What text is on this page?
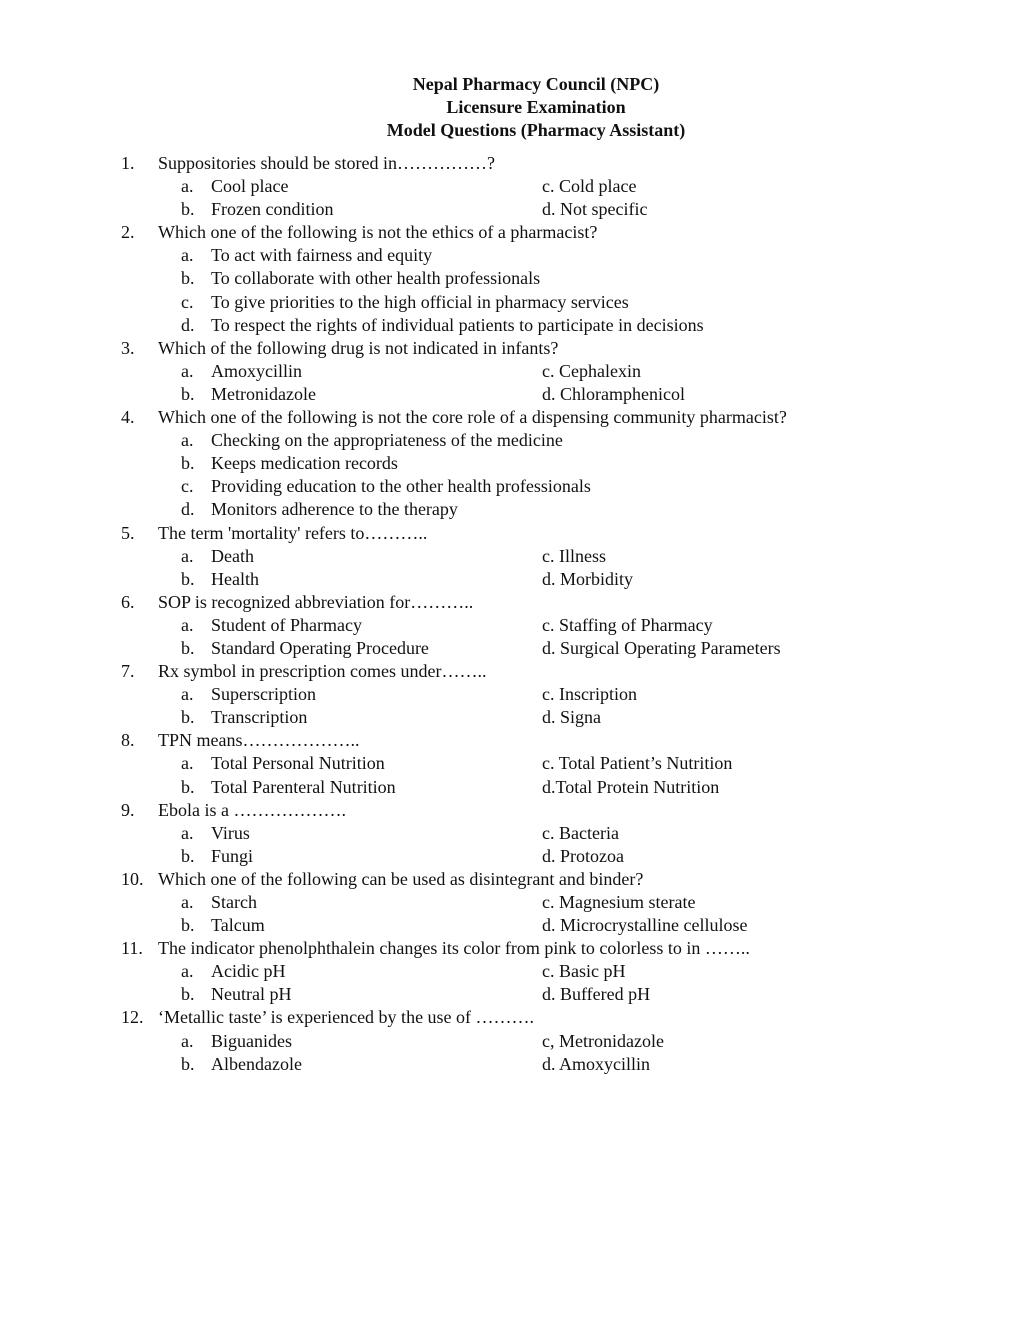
Nepal Pharmacy Council (NPC)
Licensure Examination
Model Questions (Pharmacy Assistant)
1. Suppositories should be stored in……………?
a. Cool place	c. Cold place
b. Frozen condition	d. Not specific
2. Which one of the following is not the ethics of a pharmacist?
a. To act with fairness and equity
b. To collaborate with other health professionals
c. To give priorities to the high official in pharmacy services
d. To respect the rights of individual patients to participate in decisions
3. Which of the following drug is not indicated in infants?
a. Amoxycillin	c. Cephalexin
b. Metronidazole	d. Chloramphenicol
4. Which one of the following is not the core role of a dispensing community pharmacist?
a. Checking on the appropriateness of the medicine
b. Keeps medication records
c. Providing education to the other health professionals
d. Monitors adherence to the therapy
5. The term 'mortality' refers to………..
a. Death	c. Illness
b. Health	d. Morbidity
6. SOP is recognized abbreviation for………..
a. Student of Pharmacy	c. Staffing of Pharmacy
b. Standard Operating Procedure	d. Surgical Operating Parameters
7. Rx symbol in prescription comes under……..
a. Superscription	c. Inscription
b. Transcription	d. Signa
8. TPN means………………..
a. Total Personal Nutrition	c. Total Patient’s Nutrition
b. Total Parenteral Nutrition	d.Total Protein Nutrition
9. Ebola is a ……………….
a. Virus	c. Bacteria
b. Fungi	d. Protozoa
10. Which one of the following can be used as disintegrant and binder?
a. Starch	c. Magnesium sterate
b. Talcum	d. Microcrystalline cellulose
11. The indicator phenolphthalein changes its color from pink to colorless to in ……..
a. Acidic pH	c. Basic pH
b. Neutral pH	d. Buffered pH
12. ‘Metallic taste’ is experienced by the use of ……….
a. Biguanides	c, Metronidazole
b. Albendazole	d. Amoxycillin
